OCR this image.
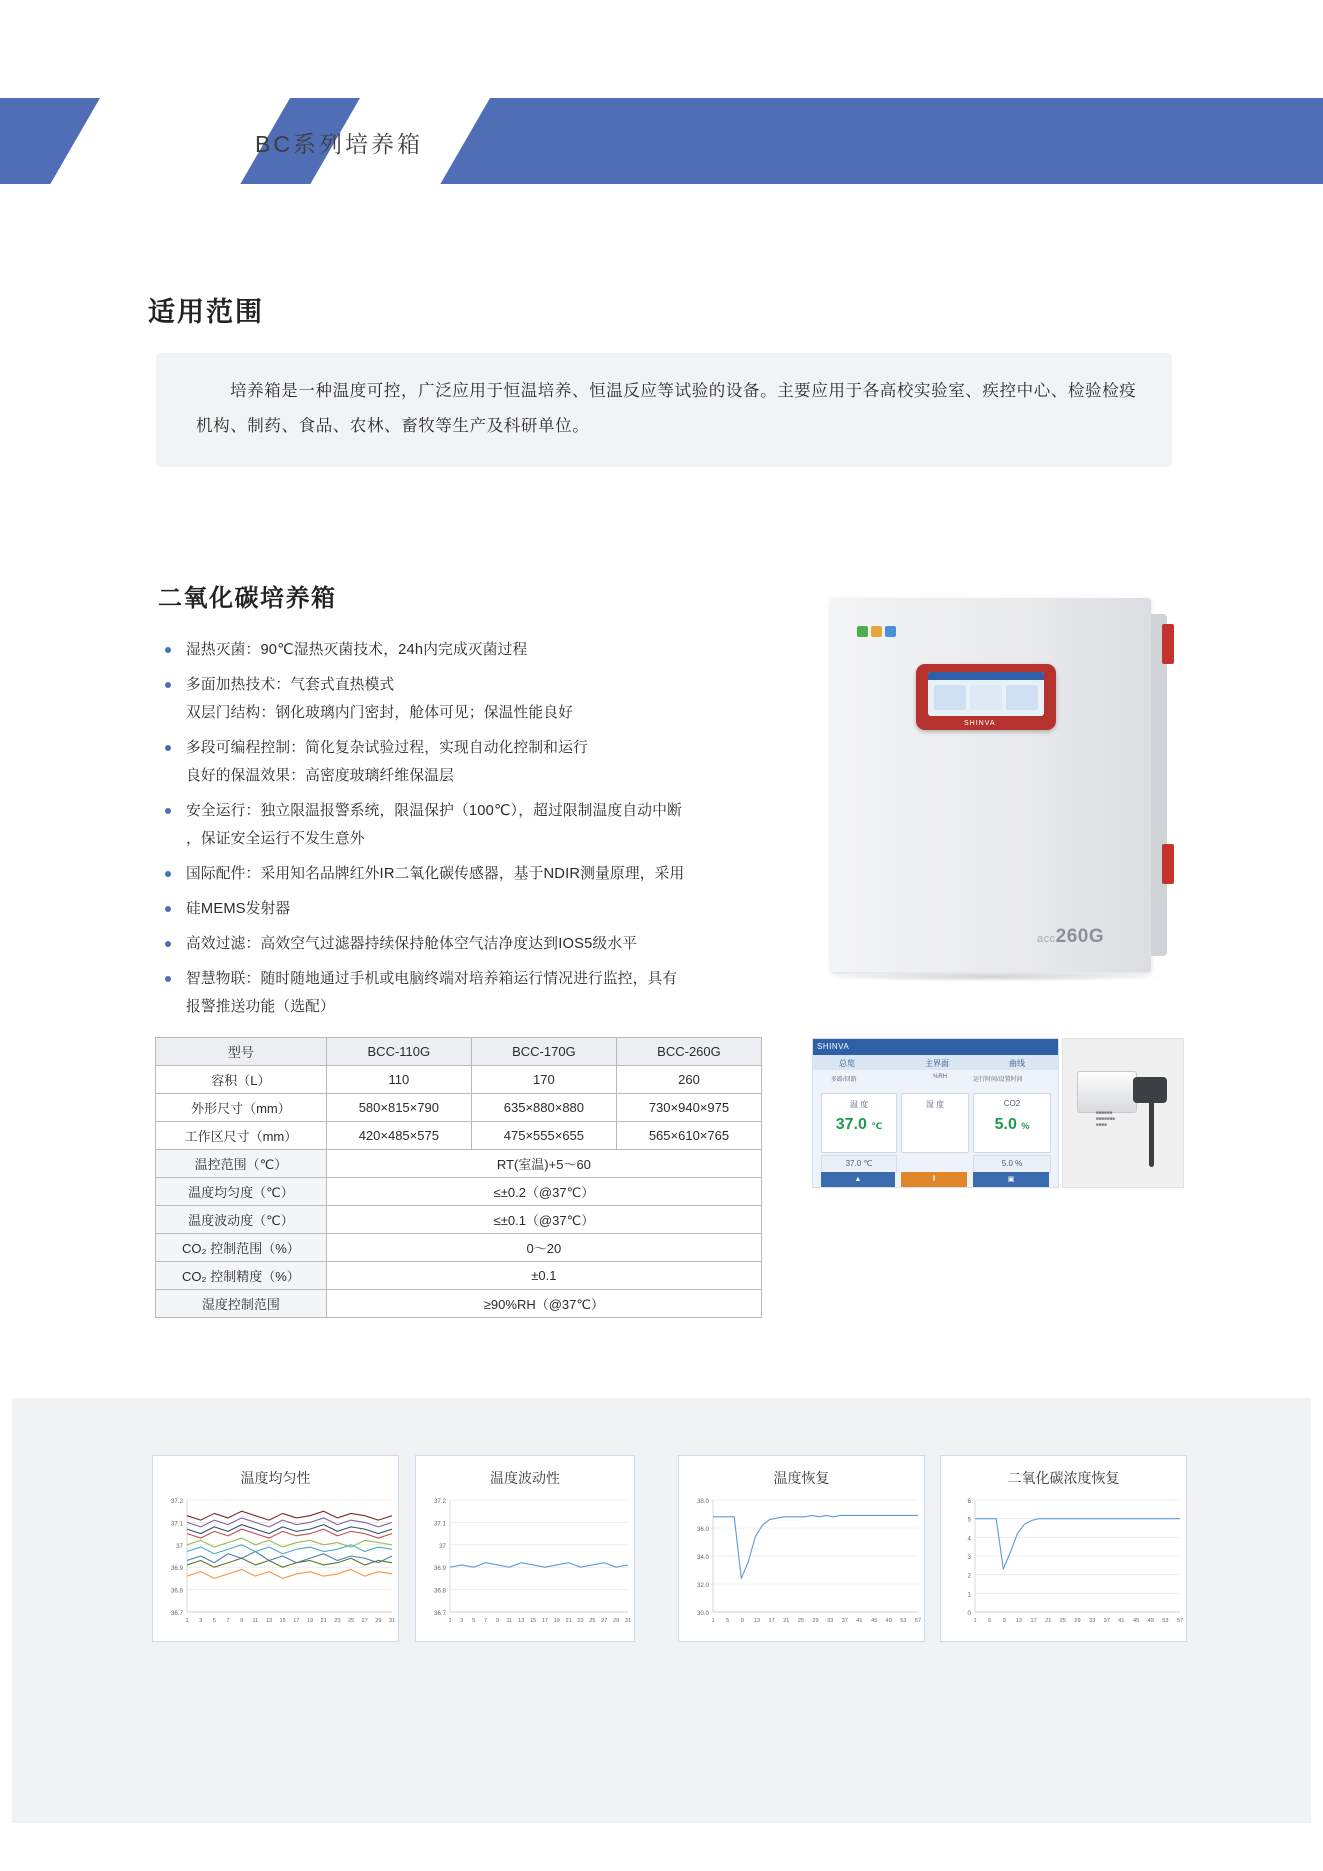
BC系列培养箱
适用范围
培养箱是一种温度可控，广泛应用于恒温培养、恒温反应等试验的设备。主要应用于各高校实验室、疾控中心、检验检疫机构、制药、食品、农林、畜牧等生产及科研单位。
二氧化碳培养箱
湿热灭菌：90℃湿热灭菌技术，24h内完成灭菌过程
多面加热技术：气套式直热模式
双层门结构：钢化玻璃内门密封，舱体可见；保温性能良好
多段可编程控制：简化复杂试验过程，实现自动化控制和运行
良好的保温效果：高密度玻璃纤维保温层
安全运行：独立限温报警系统，限温保护（100℃），超过限制温度自动中断
，保证安全运行不发生意外
国际配件：采用知名品牌红外IR二氧化碳传感器，基于NDIR测量原理，采用
硅MEMS发射器
高效过滤：高效空气过滤器持续保持舱体空气洁净度达到IOS5级水平
智慧物联：随时随地通过手机或电脑终端对培养箱运行情况进行监控，具有
报警推送功能（选配）
型号	BCC-110G	BCC-170G	BCC-260G
容积（L）	110	170	260
外形尺寸（mm）	580×815×790	635×880×880	730×940×975
工作区尺寸（mm）	420×485×575	475×555×655	565×610×765
温控范围（℃）	RT(室温)+5～60		
温度均匀度（℃）	≤±0.2（@37℃）		
温度波动度（℃）	≤±0.1（@37℃）		
CO₂ 控制范围（%）	0～20		
CO₂ 控制精度（%）	±0.1		
湿度控制范围	≥90%RH（@37℃）		
SHINVA
acc260G
SHINVA
总览	主界面	曲线
多路/回路	%RH	运行时间/设置时间
温 度
37.0 ℃
湿 度	CO2
5.0 %
37.0 ℃	5.0 %
▲	‖	▣
■■■■■■
■■■■■■■
■■■■
温度均匀性
37.2
37.1
37
36.9
36.8
36.7
1 3 5 7 9 11 13 15 17 19 21 23 25 27 29 31
温度波动性
37.2
37.1
37
36.9
36.8
36.7
1 3 5 7 9 11 13 15 17 19 21 23 25 27 29 31
温度恢复
38.0
36.0
34.0
32.0
30.0
1 5 9 13 17 21 25 29 33 37 41 45 49 53 57
二氧化碳浓度恢复
6
5
4
3
2
1
0
1 5 9 13 17 21 25 29 33 37 41 45 49 53 57
